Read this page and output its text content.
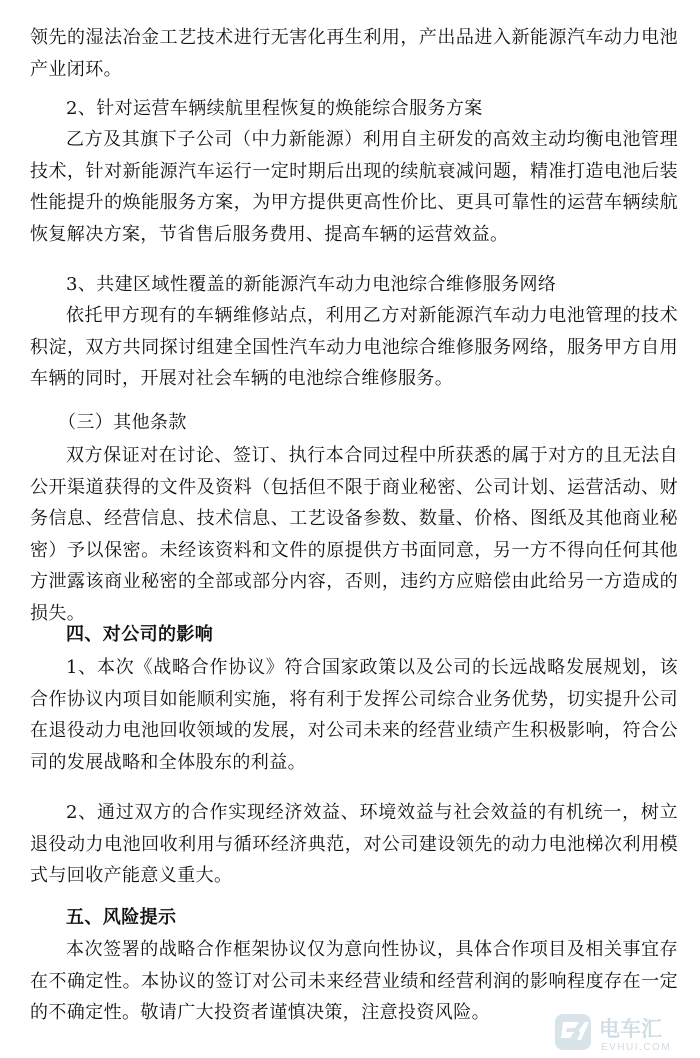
领先的湿法冶金工艺技术进行无害化再生利用，产出品进入新能源汽车动力电池产业闭环。

2、针对运营车辆续航里程恢复的焕能综合服务方案

乙方及其旗下子公司（中力新能源）利用自主研发的高效主动均衡电池管理技术，针对新能源汽车运行一定时期后出现的续航衰减问题，精准打造电池后装性能提升的焕能服务方案，为甲方提供更高性价比、更具可靠性的运营车辆续航恢复解决方案，节省售后服务费用、提高车辆的运营效益。

3、共建区域性覆盖的新能源汽车动力电池综合维修服务网络

依托甲方现有的车辆维修站点，利用乙方对新能源汽车动力电池管理的技术积淀，双方共同探讨组建全国性汽车动力电池综合维修服务网络，服务甲方自用车辆的同时，开展对社会车辆的电池综合维修服务。

（三）其他条款

双方保证对在讨论、签订、执行本合同过程中所获悉的属于对方的且无法自公开渠道获得的文件及资料（包括但不限于商业秘密、公司计划、运营活动、财务信息、经营信息、技术信息、工艺设备参数、数量、价格、图纸及其他商业秘密）予以保密。未经该资料和文件的原提供方书面同意，另一方不得向任何其他方泄露该商业秘密的全部或部分内容，否则，违约方应赔偿由此给另一方造成的损失。

四、对公司的影响

1、本次《战略合作协议》符合国家政策以及公司的长远战略发展规划，该合作协议内项目如能顺利实施，将有利于发挥公司综合业务优势，切实提升公司在退役动力电池回收领域的发展，对公司未来的经营业绩产生积极影响，符合公司的发展战略和全体股东的利益。

2、通过双方的合作实现经济效益、环境效益与社会效益的有机统一，树立退役动力电池回收利用与循环经济典范，对公司建设领先的动力电池梯次利用模式与回收产能意义重大。

五、风险提示

本次签署的战略合作框架协议仅为意向性协议，具体合作项目及相关事宜存在不确定性。本协议的签订对公司未来经营业绩和经营利润的影响程度存在一定的不确定性。敬请广大投资者谨慎决策，注意投资风险。

电车汇
EVHUI.COM
